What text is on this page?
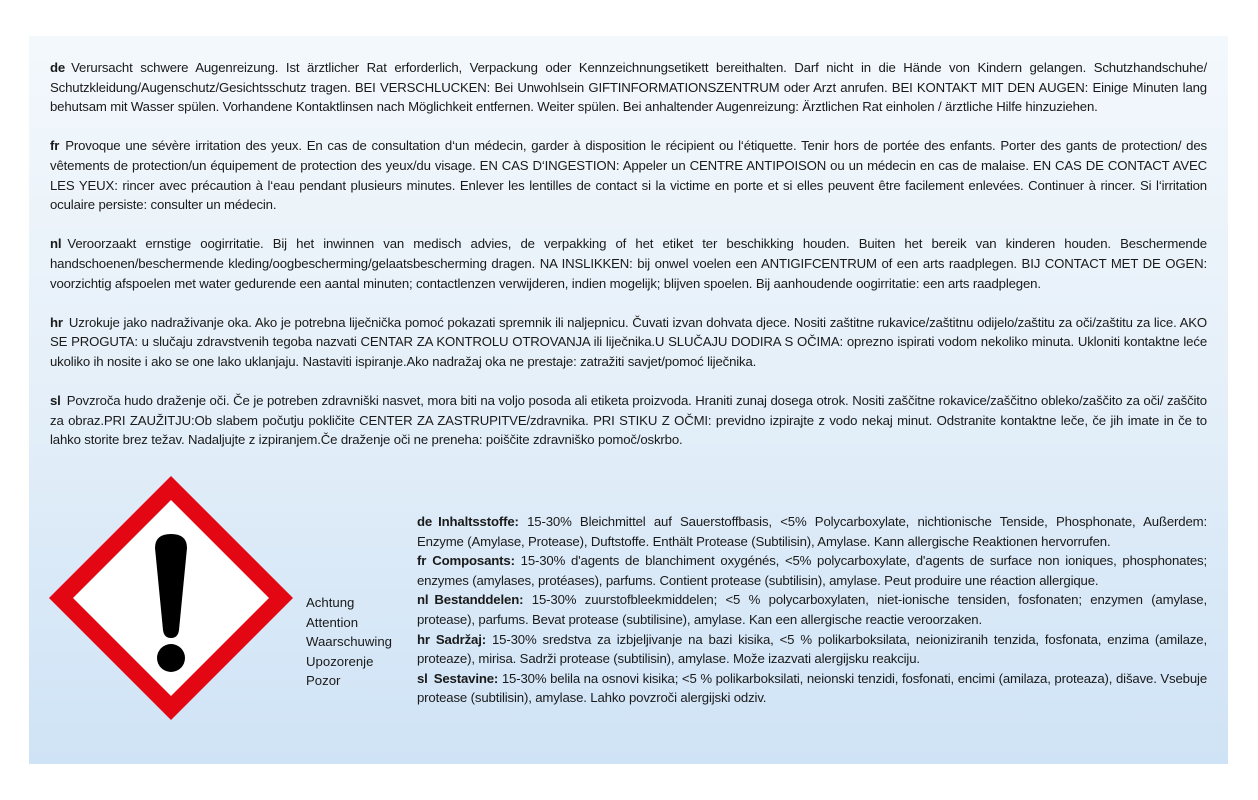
de Verursacht schwere Augenreizung. Ist ärztlicher Rat erforderlich, Verpackung oder Kennzeichnungsetikett bereithalten. Darf nicht in die Hände von Kindern gelangen. Schutzhandschuhe/ Schutzkleidung/Augenschutz/Gesichtsschutz tragen. BEI VERSCHLUCKEN: Bei Unwohlsein GIFTINFORMATIONSZENTRUM oder Arzt anrufen. BEI KONTAKT MIT DEN AUGEN: Einige Minuten lang behutsam mit Wasser spülen. Vorhandene Kontaktlinsen nach Möglichkeit entfernen. Weiter spülen. Bei anhaltender Augenreizung: Ärztlichen Rat einholen / ärztliche Hilfe hinzuziehen.

fr Provoque une sévère irritation des yeux. En cas de consultation d‘un médecin, garder à disposition le récipient ou l‘étiquette. Tenir hors de portée des enfants. Porter des gants de protection/ des vêtements de protection/un équipement de protection des yeux/du visage. EN CAS D‘INGESTION: Appeler un CENTRE ANTIPOISON ou un médecin en cas de malaise. EN CAS DE CONTACT AVEC LES YEUX: rincer avec précaution à l‘eau pendant plusieurs minutes. Enlever les lentilles de contact si la victime en porte et si elles peuvent être facilement enlevées. Continuer à rincer. Si l‘irritation oculaire persiste: consulter un médecin.

nl Veroorzaakt ernstige oogirritatie. Bij het inwinnen van medisch advies, de verpakking of het etiket ter beschikking houden. Buiten het bereik van kinderen houden. Beschermende handschoenen/beschermende kleding/oogbescherming/gelaatsbescherming dragen. NA INSLIKKEN: bij onwel voelen een ANTIGIFCENTRUM of een arts raadplegen. BIJ CONTACT MET DE OGEN: voorzichtig afspoelen met water gedurende een aantal minuten; contactlenzen verwijderen, indien mogelijk; blijven spoelen. Bij aanhoudende oogirritatie: een arts raadplegen.

hr Uzrokuje jako nadraživanje oka. Ako je potrebna liječnička pomoć pokazati spremnik ili naljepnicu. Čuvati izvan dohvata djece. Nositi zaštitne rukavice/zaštitnu odijelo/zaštitu za oči/zaštitu za lice. AKO SE PROGUTA: u slučaju zdravstvenih tegoba nazvati CENTAR ZA KONTROLU OTROVANJA ili liječnika.U SLUČAJU DODIRA S OČIMA: oprezno ispirati vodom nekoliko minuta. Ukloniti kontaktne leće ukoliko ih nosite i ako se one lako uklanjaju. Nastaviti ispiranje.Ako nadražaj oka ne prestaje: zatražiti savjet/pomoć liječnika.

sl Povzroča hudo draženje oči. Če je potreben zdravniški nasvet, mora biti na voljo posoda ali etiketa proizvoda. Hraniti zunaj dosega otrok. Nositi zaščitne rokavice/zaščitno obleko/zaščito za oči/ zaščito za obraz.PRI ZAUŽITJU:Ob slabem počutju pokličite CENTER ZA ZASTRUPITVE/zdravnika. PRI STIKU Z OČMI: previdno izpirajte z vodo nekaj minut. Odstranite kontaktne leče, če jih imate in če to lahko storite brez težav. Nadaljujte z izpiranjem.Če draženje oči ne preneha: poiščite zdravniško pomoč/oskrbo.

Achtung
Attention
Waarschuwing
Upozorenje
Pozor

de Inhaltsstoffe: 15-30% Bleichmittel auf Sauerstoffbasis, <5% Polycarboxylate, nichtionische Tenside, Phosphonate, Außerdem: Enzyme (Amylase, Protease), Duftstoffe. Enthält Protease (Subtilisin), Amylase. Kann allergische Reaktionen hervorrufen.

fr Composants: 15-30% d'agents de blanchiment oxygénés, <5% polycarboxylate, d'agents de surface non ioniques, phosphonates; enzymes (amylases, protéases), parfums. Contient protease (subtilisin), amylase. Peut produire une réaction allergique.

nl Bestanddelen: 15-30% zuurstofbleekmiddelen; <5 % polycarboxylaten, niet-ionische tensiden, fosfonaten; enzymen (amylase, protease), parfums. Bevat protease (subtilisine), amylase. Kan een allergische reactie veroorzaken.

hr Sadržaj: 15-30% sredstva za izbjeljivanje na bazi kisika, <5 % polikarboksilata, neioniziranih tenzida, fosfonata, enzima (amilaze, proteaze), mirisa. Sadrži protease (subtilisin), amylase. Može izazvati alergijsku reakciju.

sl Sestavine: 15-30% belila na osnovi kisika; <5 % polikarboksilati, neionski tenzidi, fosfonati, encimi (amilaza, proteaza), dišave. Vsebuje protease (subtilisin), amylase. Lahko povzroči alergijski odziv.
